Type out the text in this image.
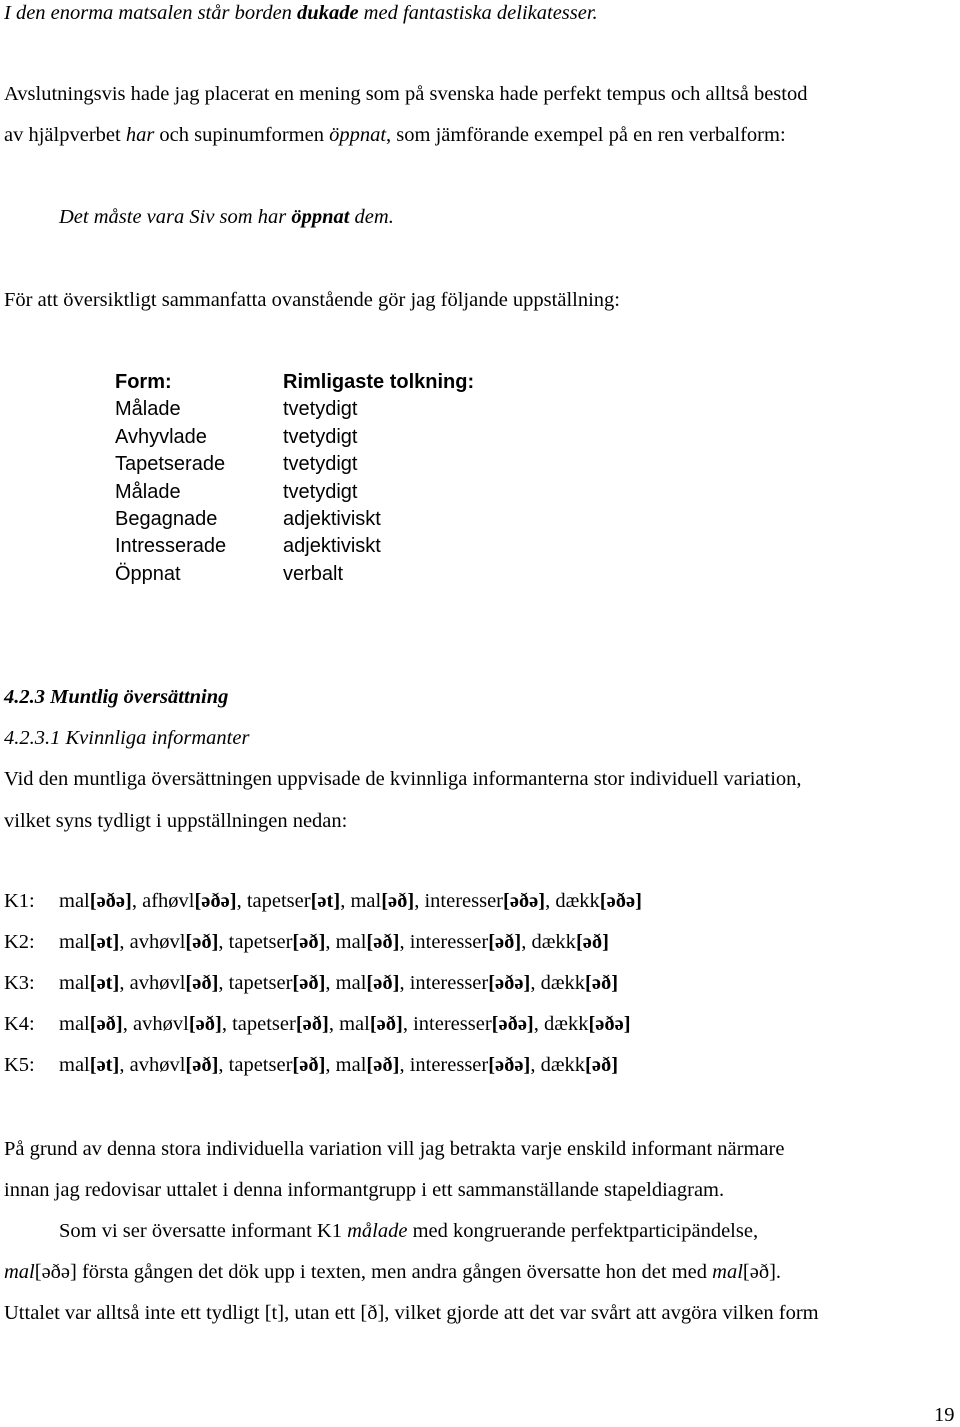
I den enorma matsalen står borden dukade med fantastiska delikatesser.
Avslutningsvis hade jag placerat en mening som på svenska hade perfekt tempus och alltså bestod
av hjälpverbet har och supinumformen öppnat, som jämförande exempel på en ren verbalform:
Det måste vara Siv som har öppnat dem.
För att översiktligt sammanfatta ovanstående gör jag följande uppställning:
Form:	Rimligaste tolkning:
Målade	tvetydigt
Avhyvlade	tvetydigt
Tapetserade	tvetydigt
Målade	tvetydigt
Begagnade	adjektiviskt
Intresserade	adjektiviskt
Öppnat	verbalt
4.2.3 Muntlig översättning
4.2.3.1 Kvinnliga informanter
Vid den muntliga översättningen uppvisade de kvinnliga informanterna stor individuell variation,
vilket syns tydligt i uppställningen nedan:
K1: mal[əðə], afhøvl[əðə], tapetser[ət], mal[əð], interesser[əðə], dækk[əðə]
K2: mal[ət], avhøvl[əð], tapetser[əð], mal[əð], interesser[əð], dækk[əð]
K3: mal[ət], avhøvl[əð], tapetser[əð], mal[əð], interesser[əðə], dækk[əð]
K4: mal[əð], avhøvl[əð], tapetser[əð], mal[əð], interesser[əðə], dækk[əðə]
K5: mal[ət], avhøvl[əð], tapetser[əð], mal[əð], interesser[əðə], dækk[əð]
På grund av denna stora individuella variation vill jag betrakta varje enskild informant närmare
innan jag redovisar uttalet i denna informantgrupp i ett sammanställande stapeldiagram.
Som vi ser översatte informant K1 målade med kongruerande perfektparticipändelse,
mal[əðə] första gången det dök upp i texten, men andra gången översatte hon det med mal[əð].
Uttalet var alltså inte ett tydligt [t], utan ett [ð], vilket gjorde att det var svårt att avgöra vilken form
19
